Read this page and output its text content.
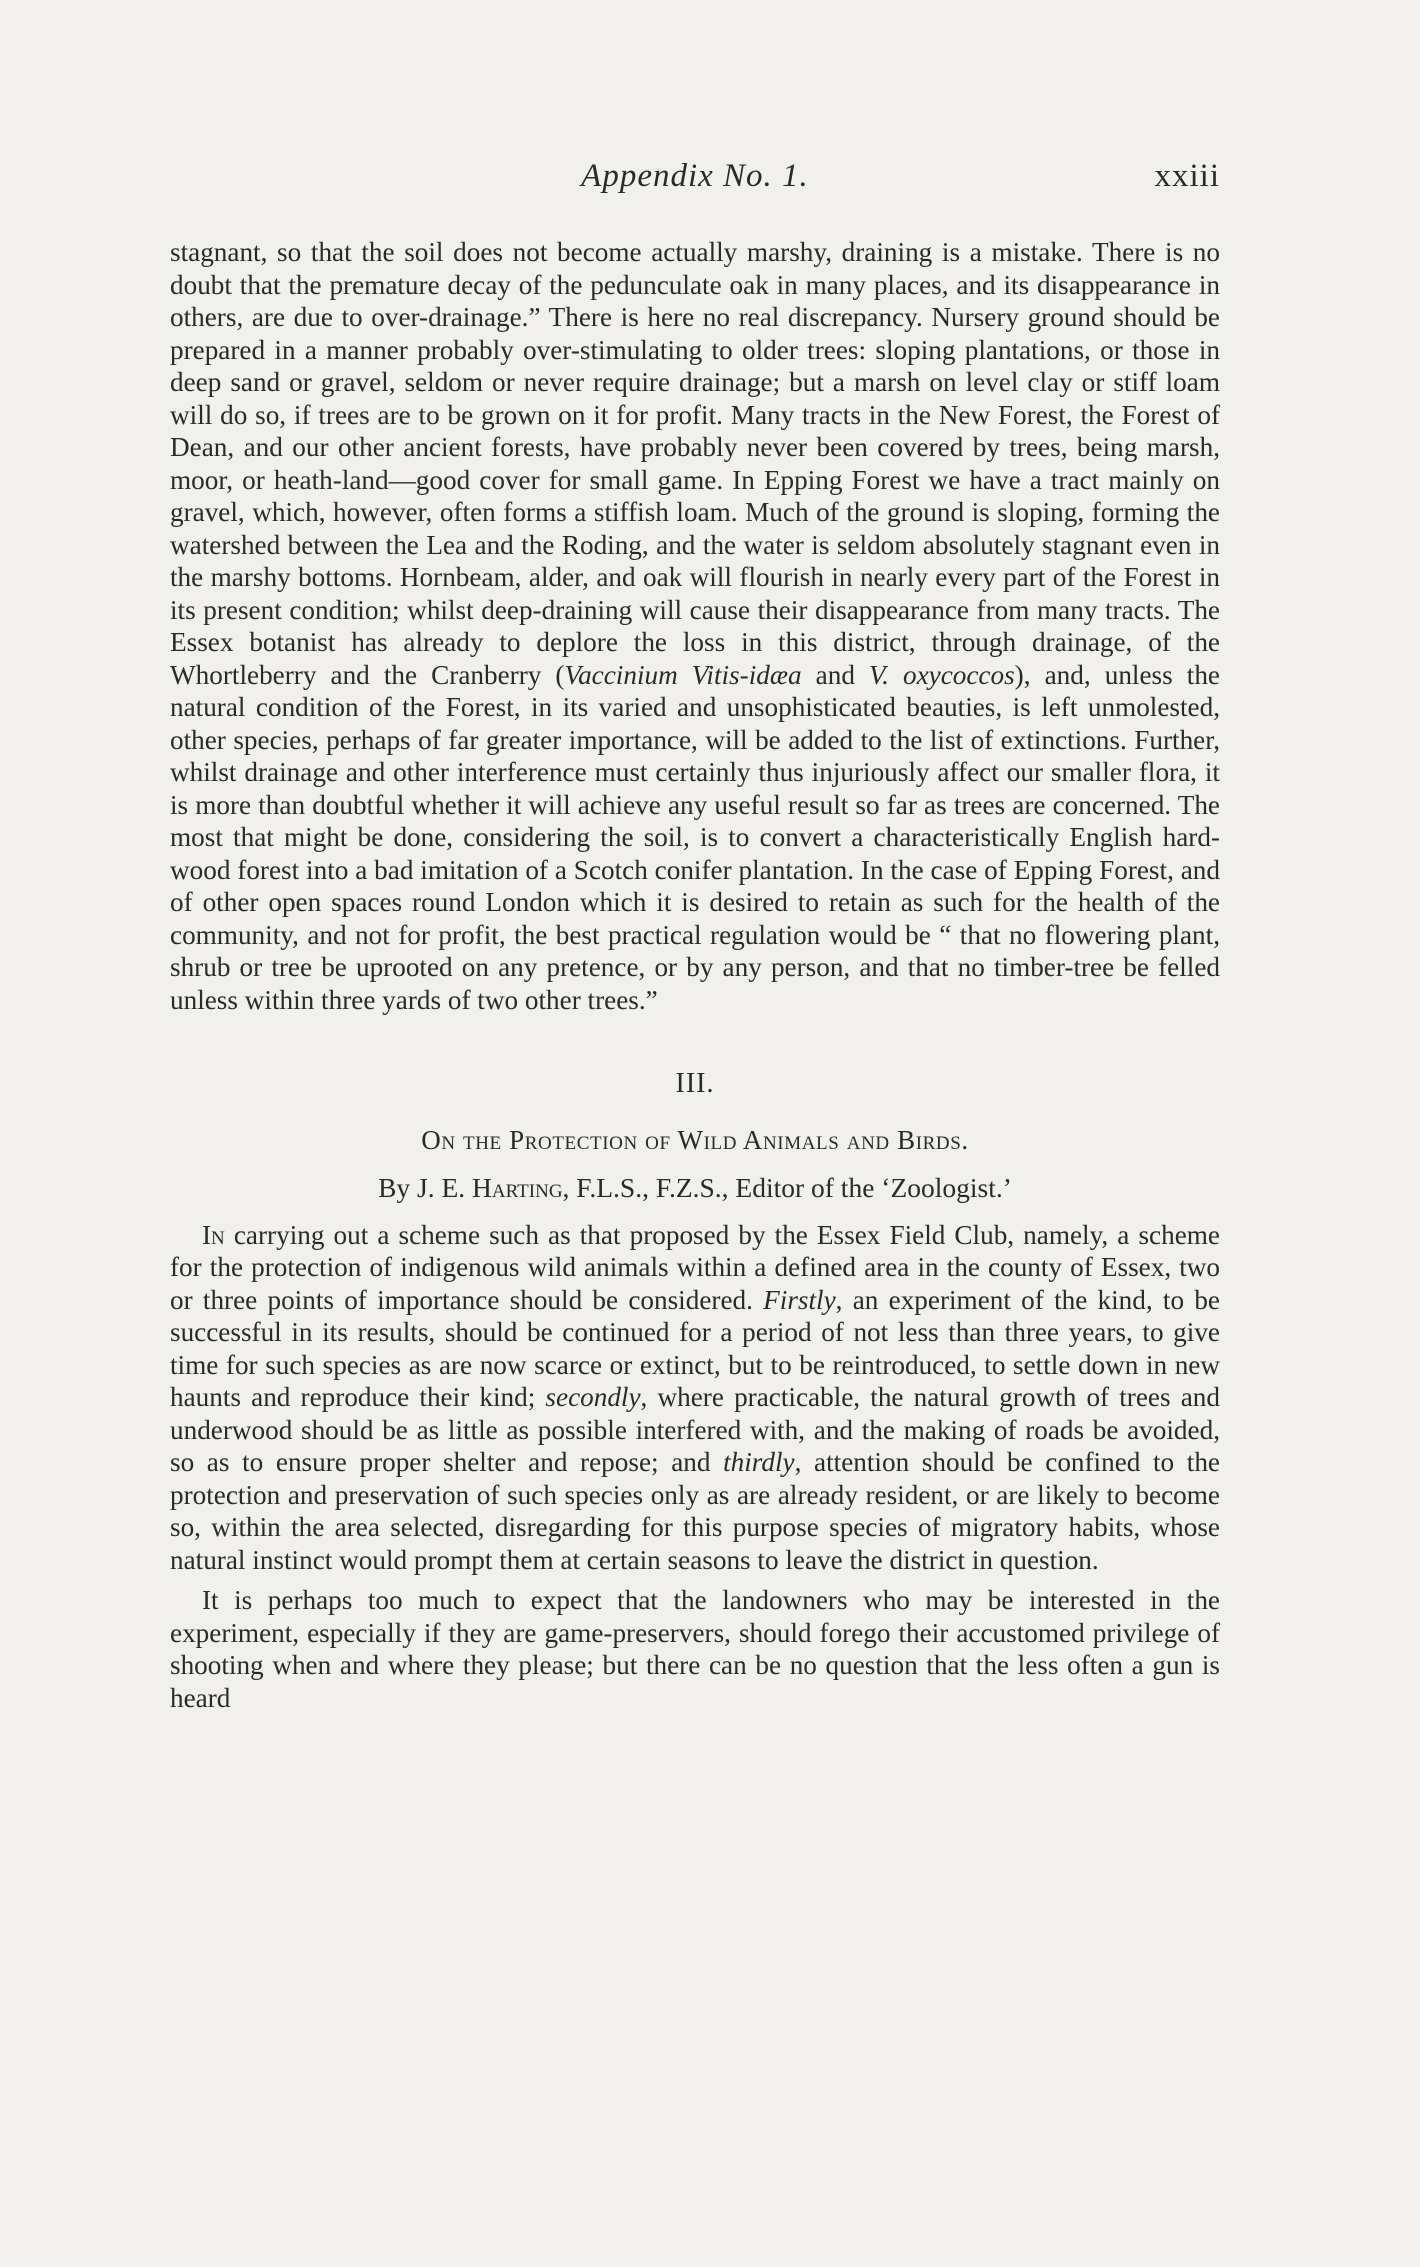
Appendix No. 1.	xxiii

stagnant, so that the soil does not become actually marshy, draining is a mistake. There is no doubt that the premature decay of the pedunculate oak in many places, and its disappearance in others, are due to over-drainage.” There is here no real discrepancy. Nursery ground should be prepared in a manner probably over-stimulating to older trees: sloping plantations, or those in deep sand or gravel, seldom or never require drainage; but a marsh on level clay or stiff loam will do so, if trees are to be grown on it for profit. Many tracts in the New Forest, the Forest of Dean, and our other ancient forests, have probably never been covered by trees, being marsh, moor, or heath-land—good cover for small game. In Epping Forest we have a tract mainly on gravel, which, however, often forms a stiffish loam. Much of the ground is sloping, forming the watershed between the Lea and the Roding, and the water is seldom absolutely stagnant even in the marshy bottoms. Hornbeam, alder, and oak will flourish in nearly every part of the Forest in its present condition; whilst deep-draining will cause their disappearance from many tracts. The Essex botanist has already to deplore the loss in this district, through drainage, of the Whortleberry and the Cranberry (Vaccinium Vitis-idæa and V. oxycoccos), and, unless the natural condition of the Forest, in its varied and unsophisticated beauties, is left unmolested, other species, perhaps of far greater importance, will be added to the list of extinctions. Further, whilst drainage and other interference must certainly thus injuriously affect our smaller flora, it is more than doubtful whether it will achieve any useful result so far as trees are concerned. The most that might be done, considering the soil, is to convert a characteristically English hard-wood forest into a bad imitation of a Scotch conifer plantation. In the case of Epping Forest, and of other open spaces round London which it is desired to retain as such for the health of the community, and not for profit, the best practical regulation would be “ that no flowering plant, shrub or tree be uprooted on any pretence, or by any person, and that no timber-tree be felled unless within three yards of two other trees.”

III.
On the Protection of Wild Animals and Birds.
By J. E. Harting, F.L.S., F.Z.S., Editor of the ‘Zoologist.’

In carrying out a scheme such as that proposed by the Essex Field Club, namely, a scheme for the protection of indigenous wild animals within a defined area in the county of Essex, two or three points of importance should be considered. Firstly, an experiment of the kind, to be successful in its results, should be continued for a period of not less than three years, to give time for such species as are now scarce or extinct, but to be reintroduced, to settle down in new haunts and reproduce their kind; secondly, where practicable, the natural growth of trees and underwood should be as little as possible interfered with, and the making of roads be avoided, so as to ensure proper shelter and repose; and thirdly, attention should be confined to the protection and preservation of such species only as are already resident, or are likely to become so, within the area selected, disregarding for this purpose species of migratory habits, whose natural instinct would prompt them at certain seasons to leave the district in question.

It is perhaps too much to expect that the landowners who may be interested in the experiment, especially if they are game-preservers, should forego their accustomed privilege of shooting when and where they please; but there can be no question that the less often a gun is heard
